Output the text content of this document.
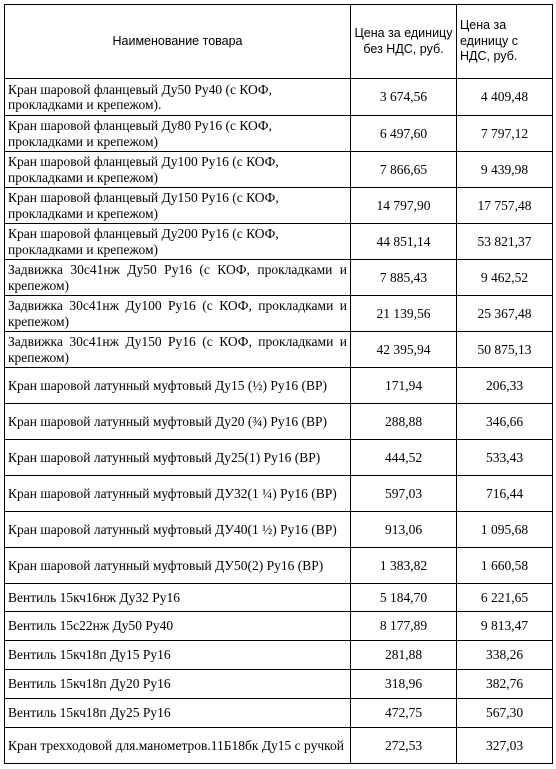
Наименование товара	Цена за единицу без НДС, руб.	Цена за единицу с НДС, руб.
Кран шаровой фланцевый Ду50 Ру40 (с КОФ, прокладками и крепежом).	3 674,56	4 409,48
Кран шаровой фланцевый Ду80 Ру16 (с КОФ, прокладками и крепежом)	6 497,60	7 797,12
Кран шаровой фланцевый Ду100 Ру16 (с КОФ, прокладками и крепежом)	7 866,65	9 439,98
Кран шаровой фланцевый Ду150 Ру16 (с КОФ, прокладками и крепежом)	14 797,90	17 757,48
Кран шаровой фланцевый Ду200 Ру16 (с КОФ, прокладками и крепежом)	44 851,14	53 821,37
Задвижка 30с41нж Ду50 Ру16 (с КОФ, прокладками и крепежом)	7 885,43	9 462,52
Задвижка 30с41нж Ду100 Ру16 (с КОФ, прокладками и крепежом)	21 139,56	25 367,48
Задвижка 30с41нж Ду150 Ру16 (с КОФ, прокладками и крепежом)	42 395,94	50 875,13
Кран шаровой латунный муфтовый Ду15 (½) Ру16 (ВР)	171,94	206,33
Кран шаровой латунный муфтовый Ду20 (¾) Ру16 (ВР)	288,88	346,66
Кран шаровой латунный муфтовый Ду25(1) Ру16 (ВР)	444,52	533,43
Кран шаровой латунный муфтовый ДУ32(1 ¼) Ру16 (ВР)	597,03	716,44
Кран шаровой латунный муфтовый ДУ40(1 ½) Ру16 (ВР)	913,06	1 095,68
Кран шаровой латунный муфтовый ДУ50(2) Ру16 (ВР)	1 383,82	1 660,58
Вентиль 15кч16нж Ду32 Ру16	5 184,70	6 221,65
Вентиль 15с22нж Ду50 Ру40	8 177,89	9 813,47
Вентиль 15кч18п Ду15 Ру16	281,88	338,26
Вентиль 15кч18п Ду20 Ру16	318,96	382,76
Вентиль 15кч18п Ду25 Ру16	472,75	567,30
Кран трехходовой для.манометров.11Б18бк Ду15 с ручкой	272,53	327,03
